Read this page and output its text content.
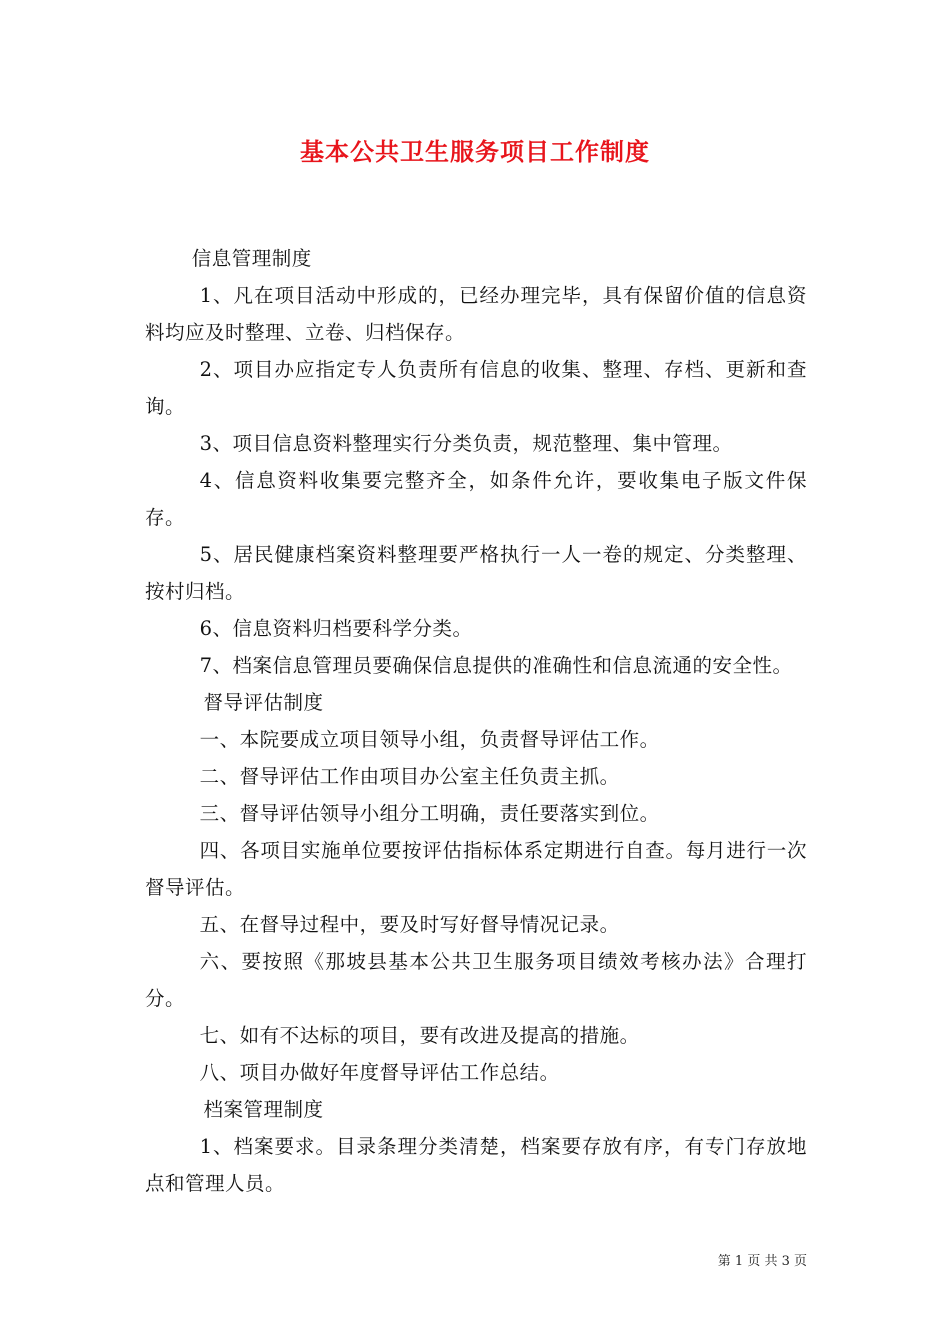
基本公共卫生服务项目工作制度

信息管理制度

1、凡在项目活动中形成的，已经办理完毕，具有保留价值的信息资料均应及时整理、立卷、归档保存。

2、项目办应指定专人负责所有信息的收集、整理、存档、更新和查询。

3、项目信息资料整理实行分类负责，规范整理、集中管理。

4、信息资料收集要完整齐全，如条件允许，要收集电子版文件保存。

5、居民健康档案资料整理要严格执行一人一卷的规定、分类整理、按村归档。

6、信息资料归档要科学分类。

7、档案信息管理员要确保信息提供的准确性和信息流通的安全性。

督导评估制度

一、本院要成立项目领导小组，负责督导评估工作。

二、督导评估工作由项目办公室主任负责主抓。

三、督导评估领导小组分工明确，责任要落实到位。

四、各项目实施单位要按评估指标体系定期进行自查。每月进行一次督导评估。

五、在督导过程中，要及时写好督导情况记录。

六、要按照《那坡县基本公共卫生服务项目绩效考核办法》合理打分。

七、如有不达标的项目，要有改进及提高的措施。

八、项目办做好年度督导评估工作总结。

档案管理制度

1、档案要求。目录条理分类清楚，档案要存放有序，有专门存放地点和管理人员。

第 1 页 共 3 页
